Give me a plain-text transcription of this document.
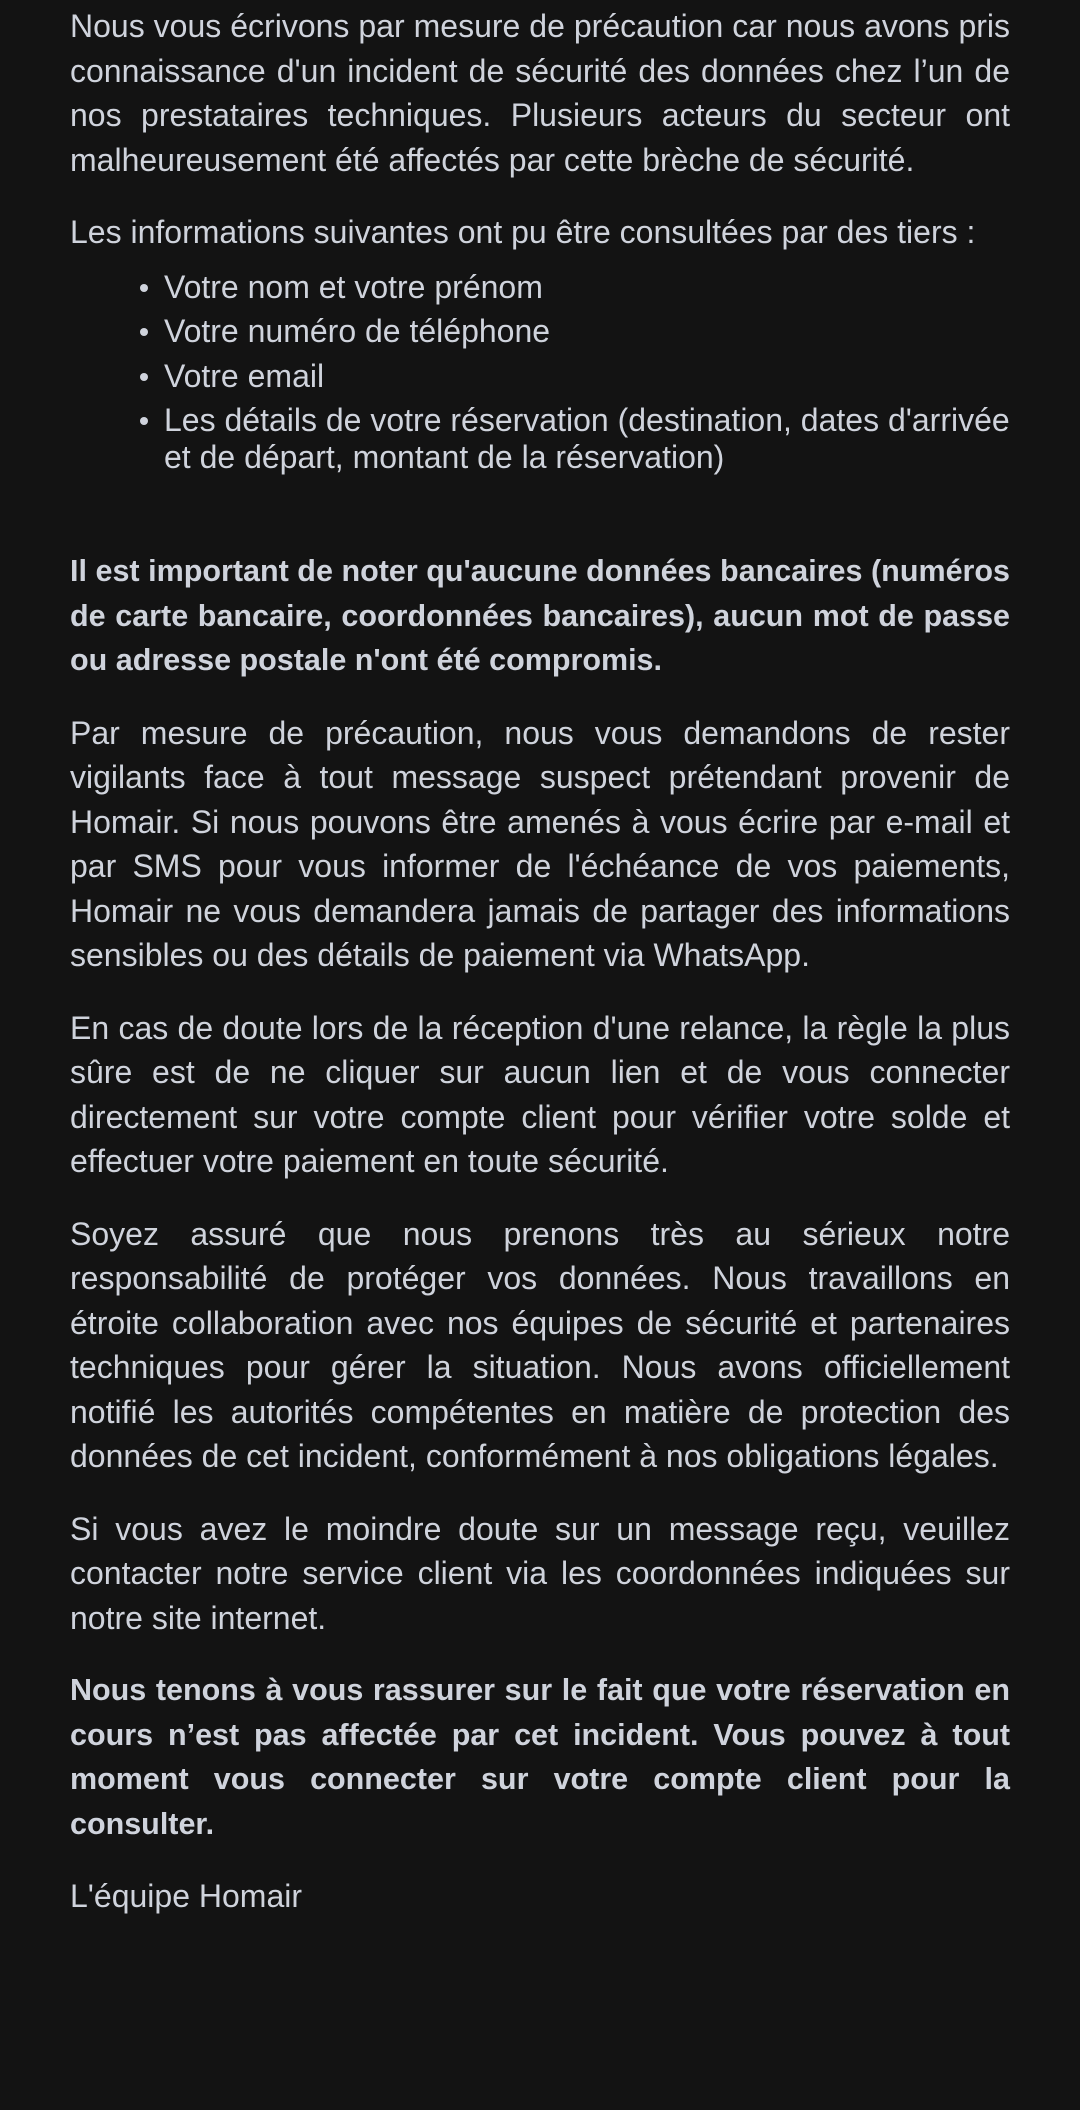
Nous vous écrivons par mesure de précaution car nous avons pris connaissance d'un incident de sécurité des données chez l’un de nos prestataires techniques. Plusieurs acteurs du secteur ont malheureusement été affectés par cette brèche de sécurité.

Les informations suivantes ont pu être consultées par des tiers :

Votre nom et votre prénom
Votre numéro de téléphone
Votre email
Les détails de votre réservation (destination, dates d'arrivée et de départ, montant de la réservation)

Il est important de noter qu'aucune données bancaires (numéros de carte bancaire, coordonnées bancaires), aucun mot de passe ou adresse postale n'ont été compromis.

Par mesure de précaution, nous vous demandons de rester vigilants face à tout message suspect prétendant provenir de Homair. Si nous pouvons être amenés à vous écrire par e-mail et par SMS pour vous informer de l'échéance de vos paiements, Homair ne vous demandera jamais de partager des informations sensibles ou des détails de paiement via WhatsApp.

En cas de doute lors de la réception d'une relance, la règle la plus sûre est de ne cliquer sur aucun lien et de vous connecter directement sur votre compte client pour vérifier votre solde et effectuer votre paiement en toute sécurité.

Soyez assuré que nous prenons très au sérieux notre responsabilité de protéger vos données. Nous travaillons en étroite collaboration avec nos équipes de sécurité et partenaires techniques pour gérer la situation. Nous avons officiellement notifié les autorités compétentes en matière de protection des données de cet incident, conformément à nos obligations légales.

Si vous avez le moindre doute sur un message reçu, veuillez contacter notre service client via les coordonnées indiquées sur notre site internet.

Nous tenons à vous rassurer sur le fait que votre réservation en cours n’est pas affectée par cet incident. Vous pouvez à tout moment vous connecter sur votre compte client pour la consulter.

L'équipe Homair
